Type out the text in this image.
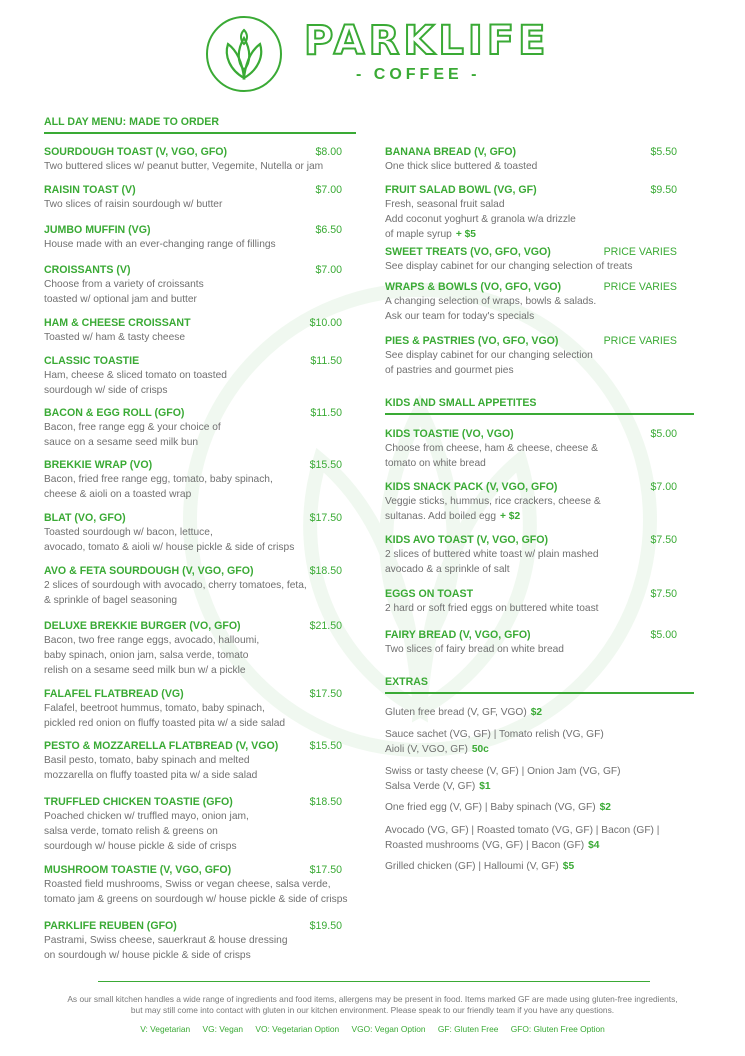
PARKLIFE
- COFFEE -
ALL DAY MENU: MADE TO ORDER
SOURDOUGH TOAST (V, VGO, GFO)	$8.00
Two buttered slices w/ peanut butter, Vegemite, Nutella or jam
RAISIN TOAST (V)	$7.00
Two slices of raisin sourdough w/ butter
JUMBO MUFFIN (VG)	$6.50
House made with an ever-changing range of fillings
CROISSANTS (V)	$7.00
Choose from a variety of croissants
toasted w/ optional jam and butter
HAM & CHEESE CROISSANT	$10.00
Toasted w/ ham & tasty cheese
CLASSIC TOASTIE	$11.50
Ham, cheese & sliced tomato on toasted
sourdough w/ side of crisps
BACON & EGG ROLL (GFO)	$11.50
Bacon, free range egg & your choice of
sauce on a sesame seed milk bun
BREKKIE WRAP (VO)	$15.50
Bacon, fried free range egg, tomato, baby spinach,
cheese & aioli on a toasted wrap
BLAT (VO, GFO)	$17.50
Toasted sourdough w/ bacon, lettuce,
avocado, tomato & aioli w/ house pickle & side of crisps
AVO & FETA SOURDOUGH (V, VGO, GFO)	$18.50
2 slices of sourdough with avocado, cherry tomatoes, feta,
& sprinkle of bagel seasoning
DELUXE BREKKIE BURGER (VO, GFO)	$21.50
Bacon, two free range eggs, avocado, halloumi,
baby spinach, onion jam, salsa verde, tomato
relish on a sesame seed milk bun w/ a pickle
FALAFEL FLATBREAD (VG)	$17.50
Falafel, beetroot hummus, tomato, baby spinach,
pickled red onion on fluffy toasted pita w/ a side salad
PESTO & MOZZARELLA FLATBREAD (V, VGO)	$15.50
Basil pesto, tomato, baby spinach and melted
mozzarella on fluffy toasted pita w/ a side salad
TRUFFLED CHICKEN TOASTIE (GFO)	$18.50
Poached chicken w/ truffled mayo, onion jam,
salsa verde, tomato relish & greens on
sourdough w/ house pickle & side of crisps
MUSHROOM TOASTIE (V, VGO, GFO)	$17.50
Roasted field mushrooms, Swiss or vegan cheese, salsa verde,
tomato jam & greens on sourdough w/ house pickle & side of crisps
PARKLIFE REUBEN (GFO)	$19.50
Pastrami, Swiss cheese, sauerkraut & house dressing
on sourdough w/ house pickle & side of crisps
BANANA BREAD (V, GFO)	$5.50
One thick slice buttered & toasted
FRUIT SALAD BOWL (VG, GF)	$9.50
Fresh, seasonal fruit salad
Add coconut yoghurt & granola w/a drizzle
of maple syrup + $5
SWEET TREATS (VO, GFO, VGO)	PRICE VARIES
See display cabinet for our changing selection of treats
WRAPS & BOWLS (VO, GFO, VGO)	PRICE VARIES
A changing selection of wraps, bowls & salads.
Ask our team for today's specials
PIES & PASTRIES (VO, GFO, VGO)	PRICE VARIES
See display cabinet for our changing selection
of pastries and gourmet pies
KIDS AND SMALL APPETITES
KIDS TOASTIE (VO, VGO)	$5.00
Choose from cheese, ham & cheese, cheese &
tomato on white bread
KIDS SNACK PACK (V, VGO, GFO)	$7.00
Veggie sticks, hummus, rice crackers, cheese &
sultanas. Add boiled egg + $2
KIDS AVO TOAST (V, VGO, GFO)	$7.50
2 slices of buttered white toast w/ plain mashed
avocado & a sprinkle of salt
EGGS ON TOAST	$7.50
2 hard or soft fried eggs on buttered white toast
FAIRY BREAD (V, VGO, GFO)	$5.00
Two slices of fairy bread on white bread
EXTRAS
Gluten free bread (V, GF, VGO) $2
Sauce sachet (VG, GF) | Tomato relish (VG, GF)
Aioli (V, VGO, GF) 50c
Swiss or tasty cheese (V, GF) | Onion Jam (VG, GF)
Salsa Verde (V, GF) $1
One fried egg (V, GF) | Baby spinach (VG, GF) $2
Avocado (VG, GF) | Roasted tomato (VG, GF) | Bacon (GF) |
Roasted mushrooms (VG, GF) | Bacon (GF) $4
Grilled chicken (GF) | Halloumi (V, GF) $5
As our small kitchen handles a wide range of ingredients and food items, allergens may be present in food. Items marked GF are made using gluten-free ingredients,
but may still come into contact with gluten in our kitchen environment. Please speak to our friendly team if you have any questions.
V: Vegetarian VG: Vegan VO: Vegetarian Option VGO: Vegan Option GF: Gluten Free GFO: Gluten Free Option
